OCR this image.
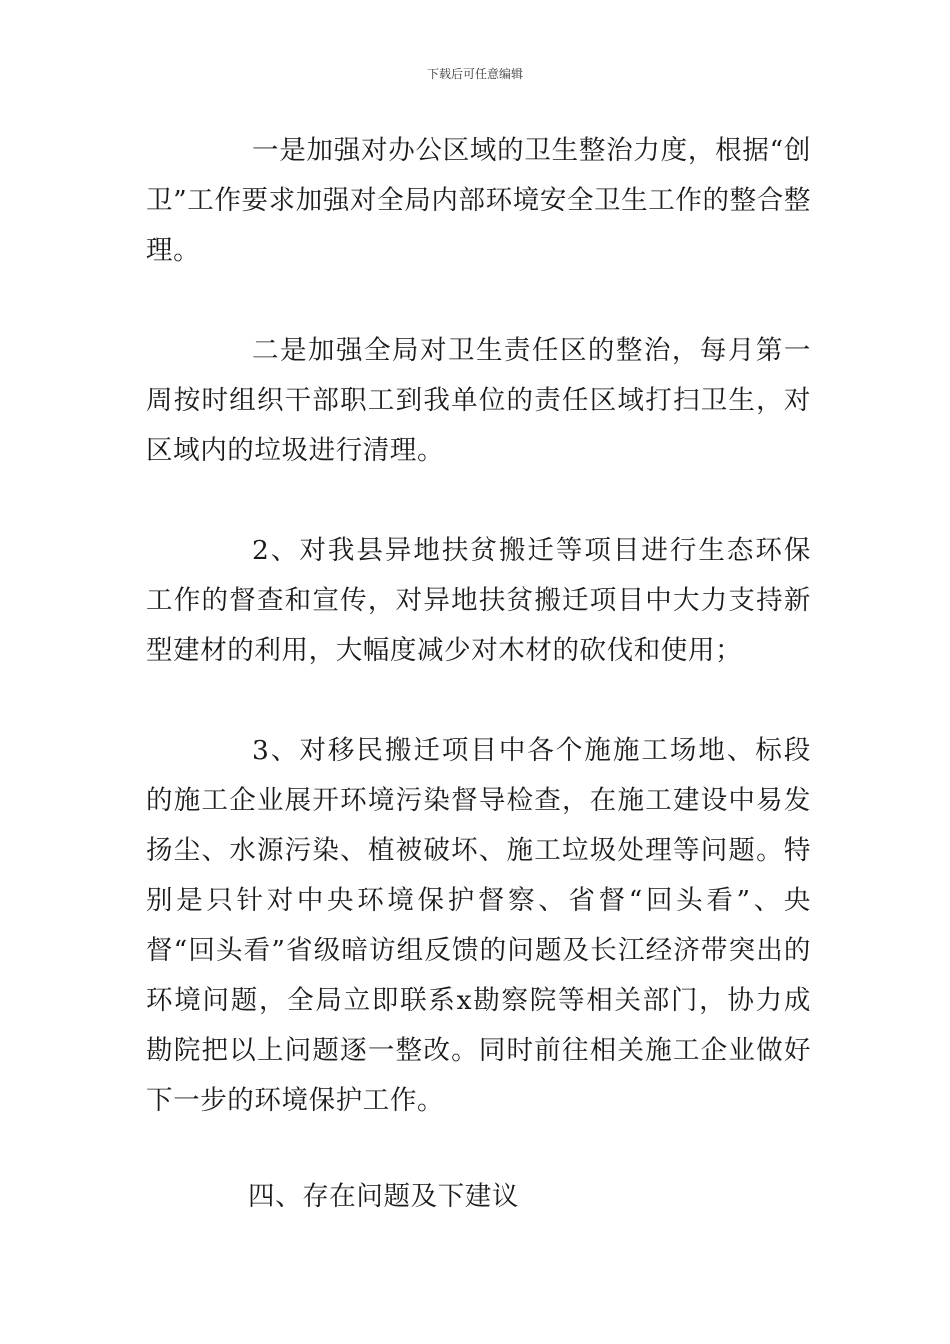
下载后可任意编辑

一是加强对办公区域的卫生整治力度，根据“创卫”工作要求加强对全局内部环境安全卫生工作的整合整理。

二是加强全局对卫生责任区的整治，每月第一周按时组织干部职工到我单位的责任区域打扫卫生，对区域内的垃圾进行清理。

2、对我县异地扶贫搬迁等项目进行生态环保工作的督查和宣传，对异地扶贫搬迁项目中大力支持新型建材的利用，大幅度减少对木材的砍伐和使用；

3、对移民搬迁项目中各个施施工场地、标段的施工企业展开环境污染督导检查，在施工建设中易发扬尘、水源污染、植被破坏、施工垃圾处理等问题。特别是只针对中央环境保护督察、省督“回头看”、央督“回头看”省级暗访组反馈的问题及长江经济带突出的环境问题，全局立即联系x勘察院等相关部门，协力成勘院把以上问题逐一整改。同时前往相关施工企业做好下一步的环境保护工作。

四、存在问题及下建议
